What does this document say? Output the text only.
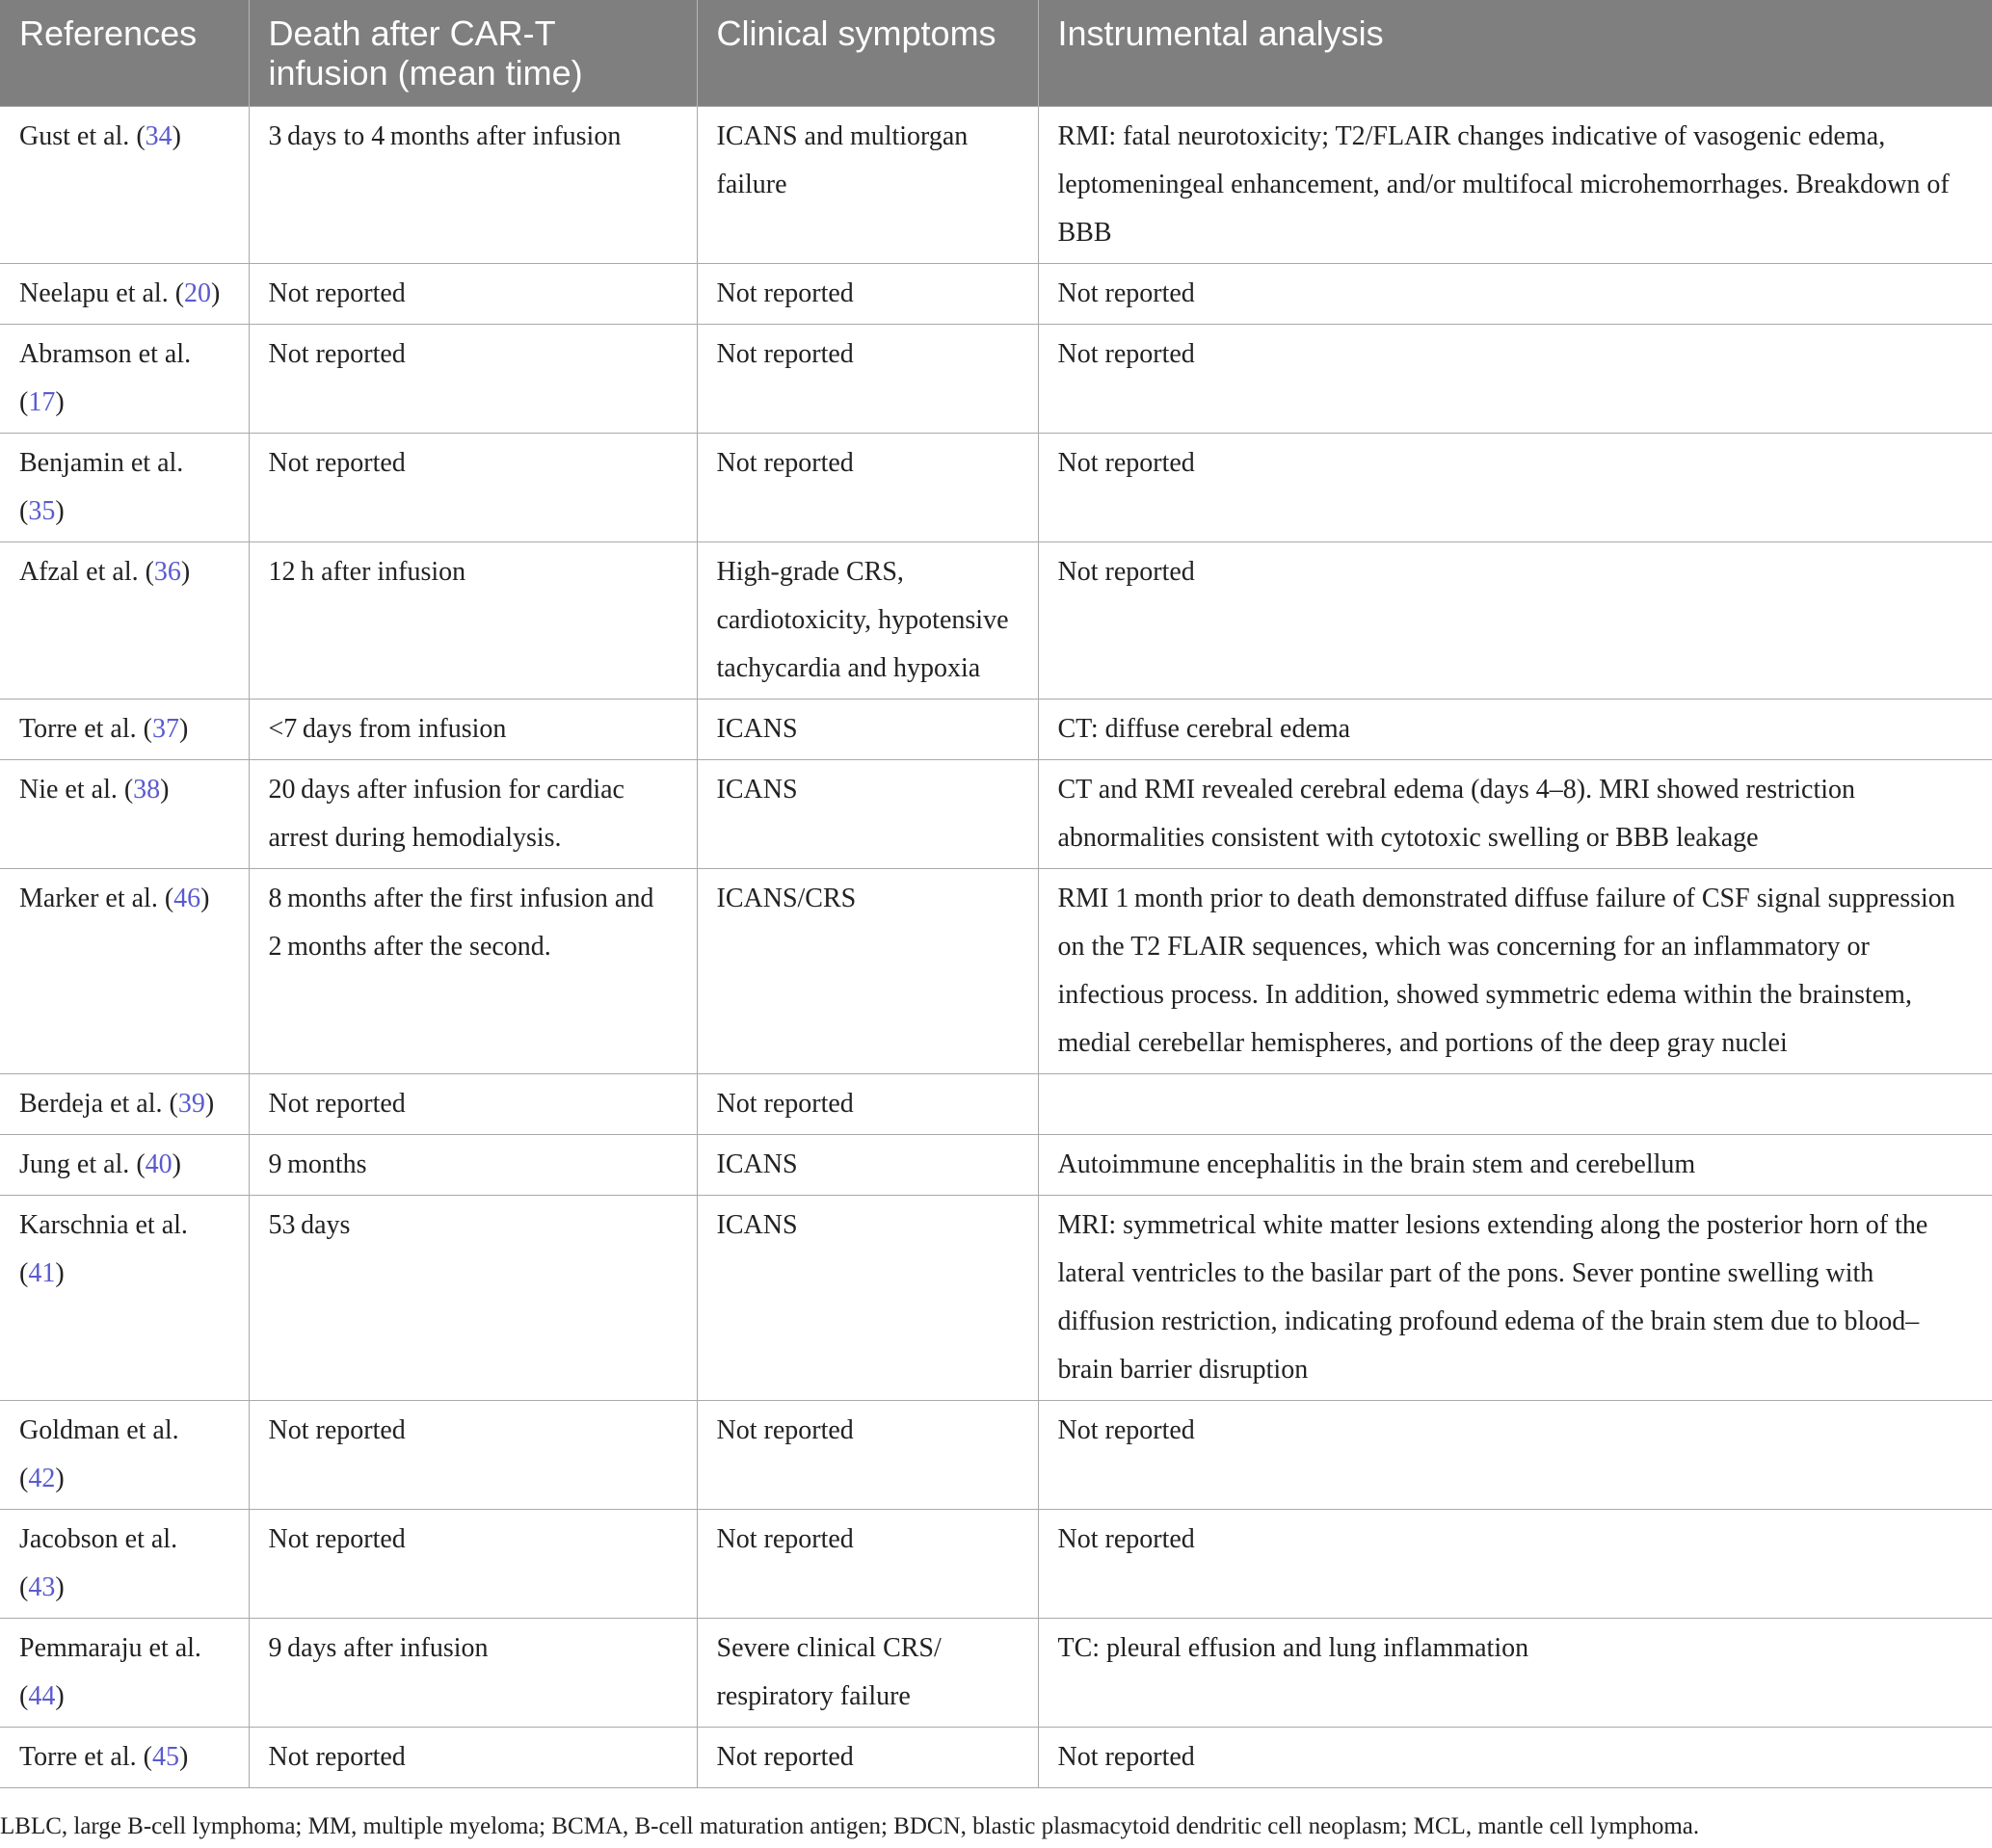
References	Death after CAR-T infusion (mean time)	Clinical symptoms	Instrumental analysis
Gust et al. (34)	3 days to 4 months after infusion	ICANS and multiorgan failure	RMI: fatal neurotoxicity; T2/FLAIR changes indicative of vasogenic edema, leptomeningeal enhancement, and/or multifocal microhemorrhages. Breakdown of BBB
Neelapu et al. (20)	Not reported	Not reported	Not reported
Abramson et al. (17)	Not reported	Not reported	Not reported
Benjamin et al. (35)	Not reported	Not reported	Not reported
Afzal et al. (36)	12 h after infusion	High-grade CRS, cardiotoxicity, hypotensive tachycardia and hypoxia	Not reported
Torre et al. (37)	<7 days from infusion	ICANS	CT: diffuse cerebral edema
Nie et al. (38)	20 days after infusion for cardiac arrest during hemodialysis.	ICANS	CT and RMI revealed cerebral edema (days 4–8). MRI showed restriction abnormalities consistent with cytotoxic swelling or BBB leakage
Marker et al. (46)	8 months after the first infusion and 2 months after the second.	ICANS/CRS	RMI 1 month prior to death demonstrated diffuse failure of CSF signal suppression on the T2 FLAIR sequences, which was concerning for an inflammatory or infectious process. In addition, showed symmetric edema within the brainstem, medial cerebellar hemispheres, and portions of the deep gray nuclei
Berdeja et al. (39)	Not reported	Not reported	
Jung et al. (40)	9 months	ICANS	Autoimmune encephalitis in the brain stem and cerebellum
Karschnia et al. (41)	53 days	ICANS	MRI: symmetrical white matter lesions extending along the posterior horn of the lateral ventricles to the basilar part of the pons. Sever pontine swelling with diffusion restriction, indicating profound edema of the brain stem due to blood–brain barrier disruption
Goldman et al. (42)	Not reported	Not reported	Not reported
Jacobson et al. (43)	Not reported	Not reported	Not reported
Pemmaraju et al. (44)	9 days after infusion	Severe clinical CRS/ respiratory failure	TC: pleural effusion and lung inflammation
Torre et al. (45)	Not reported	Not reported	Not reported
LBLC, large B-cell lymphoma; MM, multiple myeloma; BCMA, B-cell maturation antigen; BDCN, blastic plasmacytoid dendritic cell neoplasm; MCL, mantle cell lymphoma.
